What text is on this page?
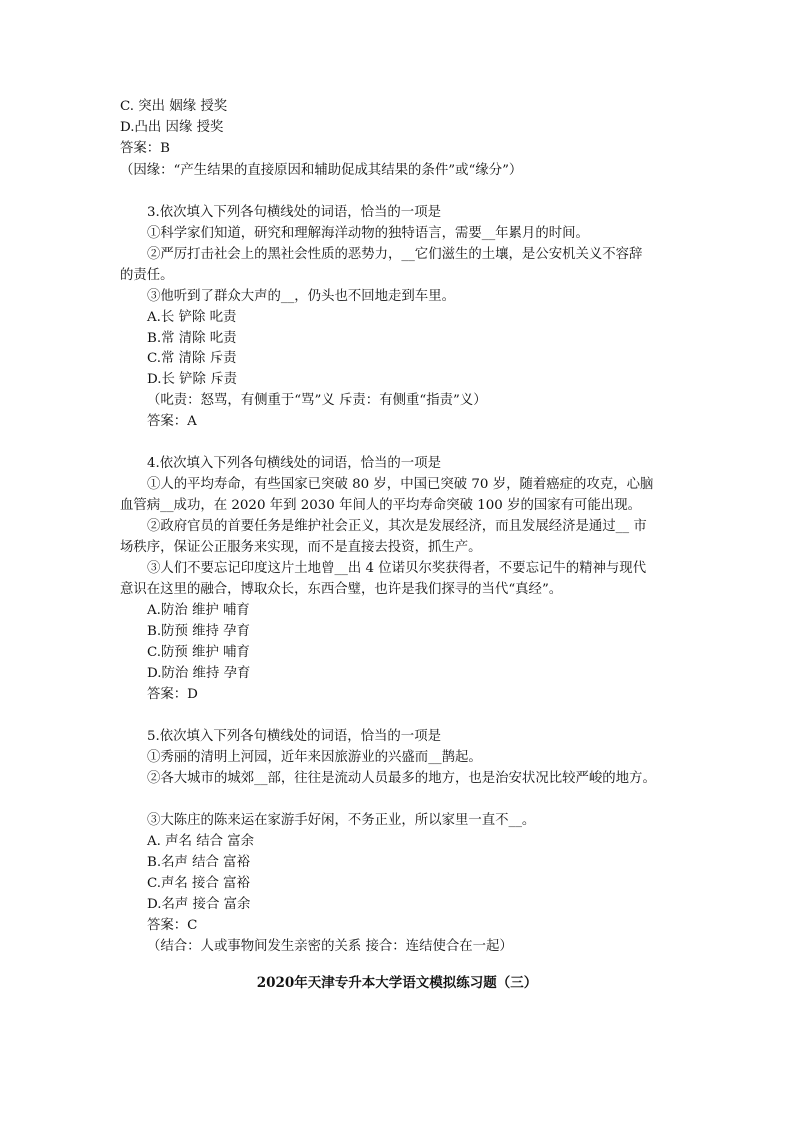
C. 突出 姻缘 授奖
D.凸出 因缘 授奖
答案：B
（因缘：“产生结果的直接原因和辅助促成其结果的条件”或“缘分”）
3.依次填入下列各句横线处的词语，恰当的一项是
①科学家们知道，研究和理解海洋动物的独特语言，需要__年累月的时间。
②严厉打击社会上的黑社会性质的恶势力，__它们滋生的土壤，是公安机关义不容辞
的责任。
③他听到了群众大声的__，仍头也不回地走到车里。
A.长 铲除 叱责
B.常 清除 叱责
C.常 清除 斥责
D.长 铲除 斥责
（叱责：怒骂，有侧重于“骂”义 斥责：有侧重“指责”义）
答案：A
4.依次填入下列各句横线处的词语，恰当的一项是
①人的平均寿命，有些国家已突破 80 岁，中国已突破 70 岁，随着癌症的攻克，心脑
血管病__成功，在 2020 年到 2030 年间人的平均寿命突破 100 岁的国家有可能出现。
②政府官员的首要任务是维护社会正义，其次是发展经济，而且发展经济是通过__ 市
场秩序，保证公正服务来实现，而不是直接去投资，抓生产。
③人们不要忘记印度这片土地曾__出 4 位诺贝尔奖获得者，不要忘记牛的精神与现代
意识在这里的融合，博取众长，东西合璧，也许是我们探寻的当代“真经”。
A.防治 维护 哺育
B.防预 维持 孕育
C.防预 维护 哺育
D.防治 维持 孕育
答案：D
5.依次填入下列各句横线处的词语，恰当的一项是
①秀丽的清明上河园，近年来因旅游业的兴盛而__鹊起。
②各大城市的城郊__部，往往是流动人员最多的地方，也是治安状况比较严峻的地方。
③大陈庄的陈来运在家游手好闲，不务正业，所以家里一直不__。
A. 声名 结合 富余
B.名声 结合 富裕
C.声名 接合 富裕
D.名声 接合 富余
答案：C
（结合：人或事物间发生亲密的关系 接合：连结使合在一起）
2020年天津专升本大学语文模拟练习题（三）
